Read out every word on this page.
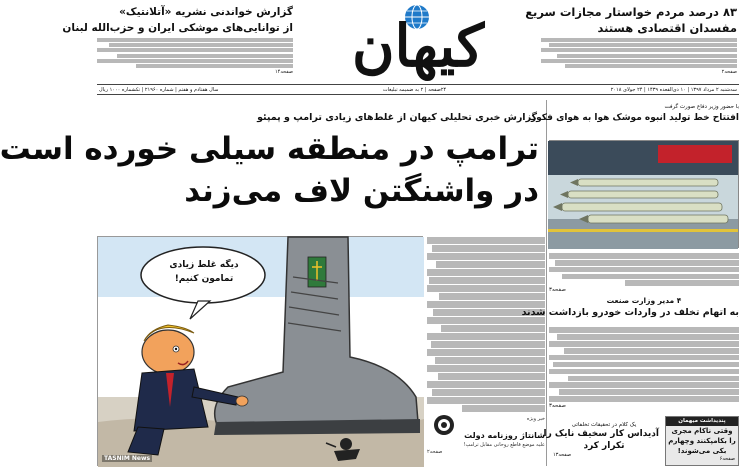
۸۳ درصد مردم خواستار مجازات سریع
مفسدان اقتصادی هستند
صفحه۲
کیهان
گزارش خواندنی نشریه «آتلانتیک»
از توانایی‌های موشکی ایران و حزب‌الله لبنان
صفحه۱۴
سه‌شنبه ۲ مرداد ۱۳۹۷ | ۱۰ ذی‌القعده ۱۴۳۹ | ۲۴ جولای ۲۰۱۸
۲۴صفحه | ۲ به ضمیمه تبلیغات
سال هفتادم و هفتم | شماره ۲۱۹۶۰ | تکشماره ۱۰۰۰ ریال
گزارش خبری تحلیلی کیهان از غلط‌های زیادی ترامپ و پمپئو
ترامپ در منطقه سیلی خورده است
در واشنگتن لاف می‌زند
دیگه غلط زیادی
تمامون کنیم!
TASNIM News
خبر ویژه
شانتاژ روزنامه دولت
علیه موضع قاطع روحانی مقابل ترامپ!
صفحه۲
با حضور وزیر دفاع صورت گرفت
افتتاح خط تولید انبوه موشک هوا به هوای فکور
صفحه۳
۴ مدیر وزارت صنعت
به اتهام تخلف در واردات خودرو بازداشت شدند
صفحه۳
پندیداشت میهمان
وقتی ناکام مجری
را بکامپکنند وچهارم
بکی می‌شوند!
صفحه۶
یک کلام در تحقیقات تخلفاتی
آدیداس کار سخیف نایک را
تکرار کرد
صفحه۱۳
